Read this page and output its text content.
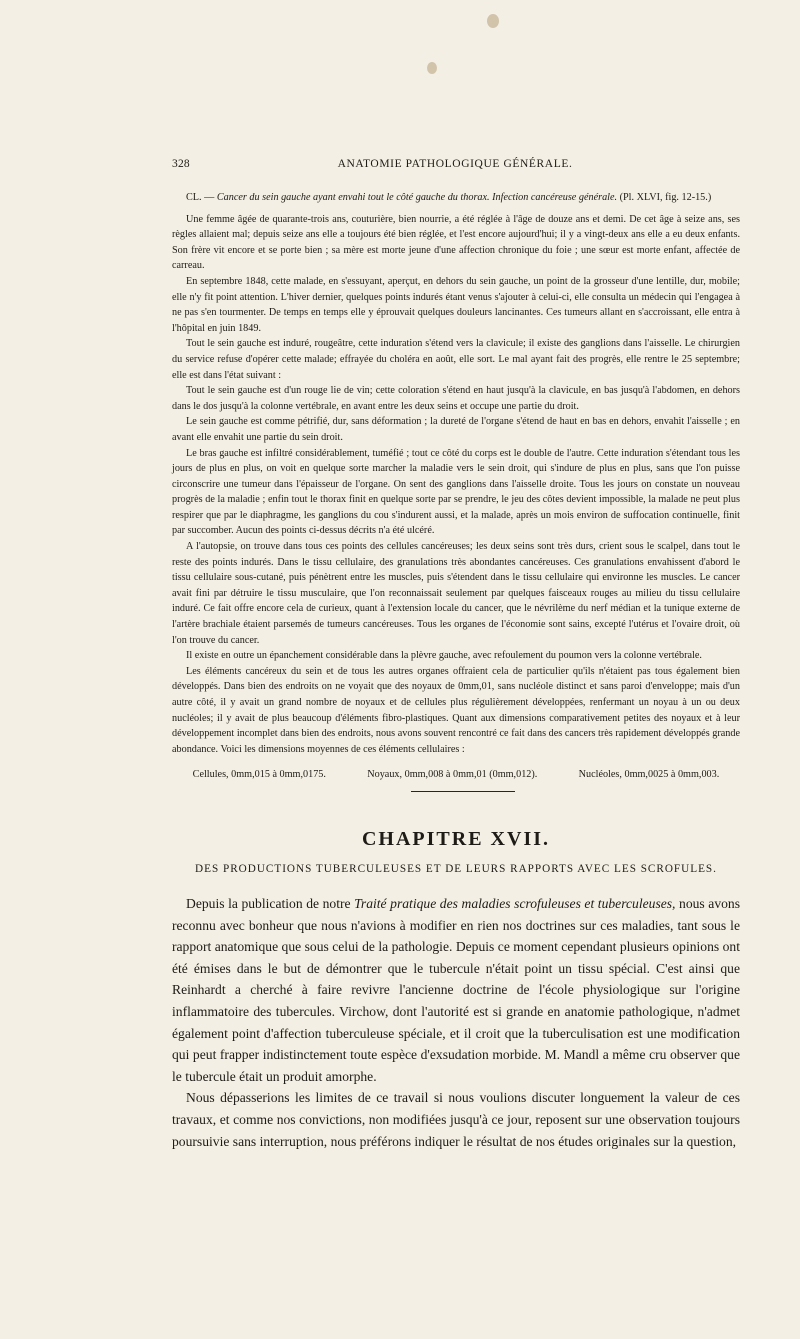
328	ANATOMIE PATHOLOGIQUE GÉNÉRALE.

CL. — Cancer du sein gauche ayant envahi tout le côté gauche du thorax. Infection cancéreuse générale. (Pl. XLVI, fig. 12-15.)

Une femme âgée de quarante-trois ans, couturière, bien nourrie, a été réglée à l'âge de douze ans et demi. De cet âge à seize ans, ses règles allaient mal; depuis seize ans elle a toujours été bien réglée, et l'est encore aujourd'hui; il y a vingt-deux ans elle a eu deux enfants. Son frère vit encore et se porte bien ; sa mère est morte jeune d'une affection chronique du foie ; une sœur est morte enfant, affectée de carreau.

En septembre 1848, cette malade, en s'essuyant, aperçut, en dehors du sein gauche, un point de la grosseur d'une lentille, dur, mobile; elle n'y fit point attention. L'hiver dernier, quelques points indurés étant venus s'ajouter à celui-ci, elle consulta un médecin qui l'engagea à ne pas s'en tourmenter. De temps en temps elle y éprouvait quelques douleurs lancinantes. Ces tumeurs allant en s'accroissant, elle entra à l'hôpital en juin 1849.

Tout le sein gauche est induré, rougeâtre, cette induration s'étend vers la clavicule; il existe des ganglions dans l'aisselle. Le chirurgien du service refuse d'opérer cette malade; effrayée du choléra en août, elle sort. Le mal ayant fait des progrès, elle rentre le 25 septembre; elle est dans l'état suivant :

Tout le sein gauche est d'un rouge lie de vin; cette coloration s'étend en haut jusqu'à la clavicule, en bas jusqu'à l'abdomen, en dehors dans le dos jusqu'à la colonne vertébrale, en avant entre les deux seins et occupe une partie du droit.

Le sein gauche est comme pétrifié, dur, sans déformation ; la dureté de l'organe s'étend de haut en bas en dehors, envahit l'aisselle ; en avant elle envahit une partie du sein droit.

Le bras gauche est infiltré considérablement, tuméfié ; tout ce côté du corps est le double de l'autre. Cette induration s'étendant tous les jours de plus en plus, on voit en quelque sorte marcher la maladie vers le sein droit, qui s'indure de plus en plus, sans que l'on puisse circonscrire une tumeur dans l'épaisseur de l'organe. On sent des ganglions dans l'aisselle droite. Tous les jours on constate un nouveau progrès de la maladie ; enfin tout le thorax finit en quelque sorte par se prendre, le jeu des côtes devient impossible, la malade ne peut plus respirer que par le diaphragme, les ganglions du cou s'indurent aussi, et la malade, après un mois environ de suffocation continuelle, finit par succomber. Aucun des points ci-dessus décrits n'a été ulcéré.

A l'autopsie, on trouve dans tous ces points des cellules cancéreuses; les deux seins sont très durs, crient sous le scalpel, dans tout le reste des points indurés. Dans le tissu cellulaire, des granulations très abondantes cancéreuses. Ces granulations envahissent d'abord le tissu cellulaire sous-cutané, puis pénètrent entre les muscles, puis s'étendent dans le tissu cellulaire qui environne les muscles. Le cancer avait fini par détruire le tissu musculaire, que l'on reconnaissait seulement par quelques faisceaux rouges au milieu du tissu cellulaire induré. Ce fait offre encore cela de curieux, quant à l'extension locale du cancer, que le névrilème du nerf médian et la tunique externe de l'artère brachiale étaient parsemés de tumeurs cancéreuses. Tous les organes de l'économie sont sains, excepté l'utérus et l'ovaire droit, où l'on trouve du cancer.

Il existe en outre un épanchement considérable dans la plèvre gauche, avec refoulement du poumon vers la colonne vertébrale.

Les éléments cancéreux du sein et de tous les autres organes offraient cela de particulier qu'ils n'étaient pas tous également bien développés. Dans bien des endroits on ne voyait que des noyaux de 0mm,01, sans nucléole distinct et sans paroi d'enveloppe; mais d'un autre côté, il y avait un grand nombre de noyaux et de cellules plus régulièrement développées, renfermant un noyau à un ou deux nucléoles; il y avait de plus beaucoup d'éléments fibro-plastiques. Quant aux dimensions comparativement petites des noyaux et à leur développement incomplet dans bien des endroits, nous avons souvent rencontré ce fait dans des cancers très rapidement développés grande abondance. Voici les dimensions moyennes de ces éléments cellulaires :

Cellules, 0mm,015 à 0mm,0175.	Noyaux, 0mm,008 à 0mm,01 (0mm,012).	Nucléoles, 0mm,0025 à 0mm,003.

CHAPITRE XVII.
DES PRODUCTIONS TUBERCULEUSES ET DE LEURS RAPPORTS AVEC LES SCROFULES.

Depuis la publication de notre Traité pratique des maladies scrofuleuses et tuberculeuses, nous avons reconnu avec bonheur que nous n'avions à modifier en rien nos doctrines sur ces maladies, tant sous le rapport anatomique que sous celui de la pathologie. Depuis ce moment cependant plusieurs opinions ont été émises dans le but de démontrer que le tubercule n'était point un tissu spécial. C'est ainsi que Reinhardt a cherché à faire revivre l'ancienne doctrine de l'école physiologique sur l'origine inflammatoire des tubercules. Virchow, dont l'autorité est si grande en anatomie pathologique, n'admet également point d'affection tuberculeuse spéciale, et il croit que la tuberculisation est une modification qui peut frapper indistinctement toute espèce d'exsudation morbide. M. Mandl a même cru observer que le tubercule était un produit amorphe.

Nous dépasserions les limites de ce travail si nous voulions discuter longuement la valeur de ces travaux, et comme nos convictions, non modifiées jusqu'à ce jour, reposent sur une observation toujours poursuivie sans interruption, nous préférons indiquer le résultat de nos études originales sur la question,
